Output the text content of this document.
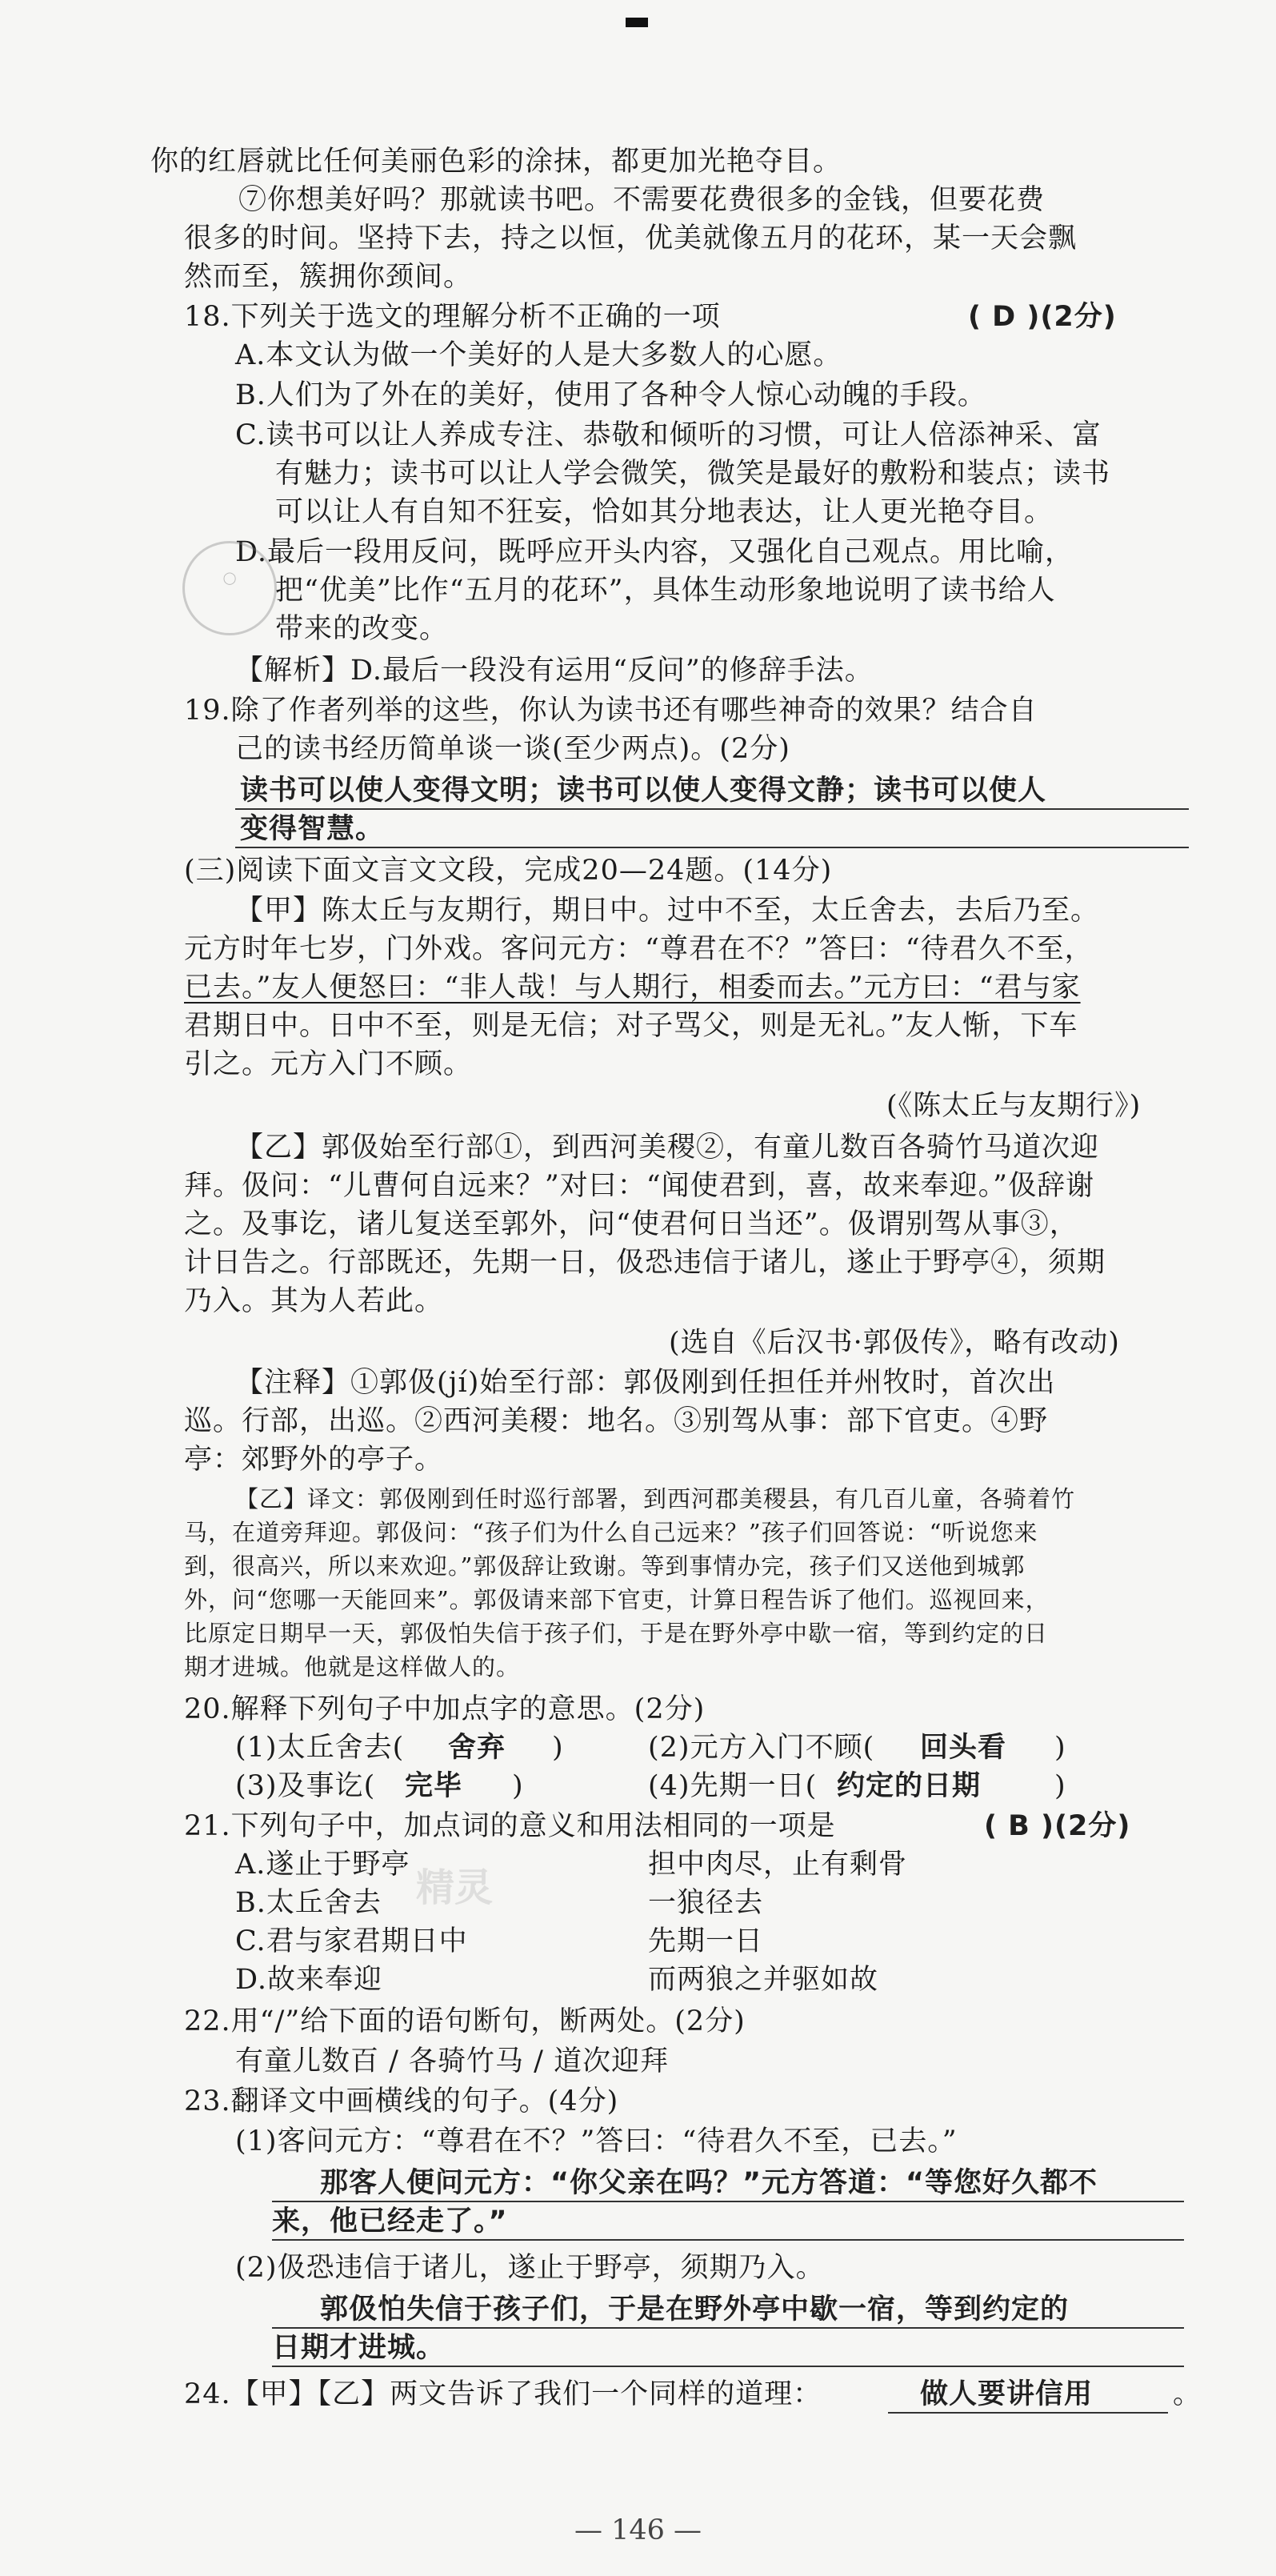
你的红唇就比任何美丽色彩的涂抹，都更加光艳夺目。
⑦你想美好吗？那就读书吧。不需要花费很多的金钱，但要花费
很多的时间。坚持下去，持之以恒，优美就像五月的花环，某一天会飘
然而至，簇拥你颈间。
18.下列关于选文的理解分析不正确的一项	( D )(2分)
A.本文认为做一个美好的人是大多数人的心愿。
B.人们为了外在的美好，使用了各种令人惊心动魄的手段。
C.读书可以让人养成专注、恭敬和倾听的习惯，可让人倍添神采、富
有魅力；读书可以让人学会微笑，微笑是最好的敷粉和装点；读书
可以让人有自知不狂妄，恰如其分地表达，让人更光艳夺目。
D.最后一段用反问，既呼应开头内容，又强化自己观点。用比喻，
把“优美”比作“五月的花环”，具体生动形象地说明了读书给人
带来的改变。
◯
【解析】D.最后一段没有运用“反问”的修辞手法。
19.除了作者列举的这些，你认为读书还有哪些神奇的效果？结合自
己的读书经历简单谈一谈(至少两点)。(2分)
读书可以使人变得文明；读书可以使人变得文静；读书可以使人
变得智慧。
(三)阅读下面文言文文段，完成20—24题。(14分)
【甲】陈太丘与友期行，期日中。过中不至，太丘舍去，去后乃至。
元方时年七岁，门外戏。客问元方：“尊君在不？”答曰：“待君久不至，
已去。”友人便怒曰：“非人哉！与人期行，相委而去。”元方曰：“君与家
君期日中。日中不至，则是无信；对子骂父，则是无礼。”友人惭，下车
引之。元方入门不顾。
(《陈太丘与友期行》)
【乙】郭伋始至行部①，到西河美稷②，有童儿数百各骑竹马道次迎
拜。伋问：“儿曹何自远来？”对曰：“闻使君到，喜，故来奉迎。”伋辞谢
之。及事讫，诸儿复送至郭外，问“使君何日当还”。伋谓别驾从事③，
计日告之。行部既还，先期一日，伋恐违信于诸儿，遂止于野亭④，须期
乃入。其为人若此。
(选自《后汉书·郭伋传》，略有改动)
【注释】①郭伋(jí)始至行部：郭伋刚到任担任并州牧时，首次出
巡。行部，出巡。②西河美稷：地名。③别驾从事：部下官吏。④野
亭：郊野外的亭子。
【乙】译文：郭伋刚到任时巡行部署，到西河郡美稷县，有几百儿童，各骑着竹
马，在道旁拜迎。郭伋问：“孩子们为什么自己远来？”孩子们回答说：“听说您来
到，很高兴，所以来欢迎。”郭伋辞让致谢。等到事情办完，孩子们又送他到城郭
外，问“您哪一天能回来”。郭伋请来部下官吏，计算日程告诉了他们。巡视回来，
比原定日期早一天，郭伋怕失信于孩子们，于是在野外亭中歇一宿，等到约定的日
期才进城。他就是这样做人的。
20.解释下列句子中加点字的意思。(2分)
(1)太丘舍去( 舍弃 )	(2)元方入门不顾( 回头看 )
(3)及事讫( 完毕 )	(4)先期一日( 约定的日期	)
21.下列句子中，加点词的意义和用法相同的一项是	( B )(2分)
A.遂止于野亭	担中肉尽，止有剩骨
B.太丘舍去	一狼径去
C.君与家君期日中	先期一日
D.故来奉迎	而两狼之并驱如故
精灵
22.用“/”给下面的语句断句，断两处。(2分)
有童儿数百 / 各骑竹马 / 道次迎拜
23.翻译文中画横线的句子。(4分)
(1)客问元方：“尊君在不？”答曰：“待君久不至，已去。”
那客人便问元方：“你父亲在吗？”元方答道：“等您好久都不
来，他已经走了。”
(2)伋恐违信于诸儿，遂止于野亭，须期乃入。
郭伋怕失信于孩子们，于是在野外亭中歇一宿，等到约定的
日期才进城。
24.【甲】【乙】两文告诉了我们一个同样的道理：	做人要讲信用	。
— 146 —
